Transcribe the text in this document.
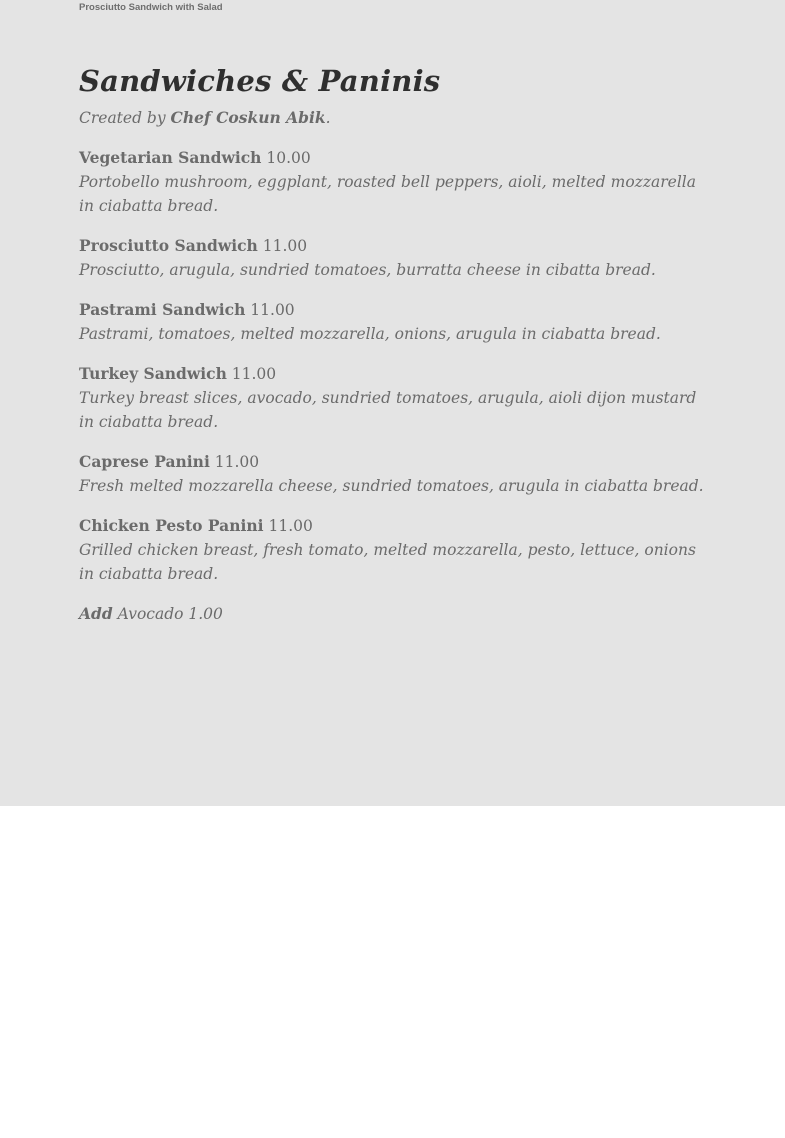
Prosciutto Sandwich with Salad
Sandwiches & Paninis

Created by Chef Coskun Abik.

Vegetarian Sandwich 10.00
Portobello mushroom, eggplant, roasted bell peppers, aioli, melted mozzarella in ciabatta bread.
Prosciutto Sandwich 11.00
Prosciutto, arugula, sundried tomatoes, burratta cheese in cibatta bread.
Pastrami Sandwich 11.00
Pastrami, tomatoes, melted mozzarella, onions, arugula in ciabatta bread.
Turkey Sandwich 11.00
Turkey breast slices, avocado, sundried tomatoes, arugula, aioli dijon mustard in ciabatta bread.
Caprese Panini 11.00
Fresh melted mozzarella cheese, sundried tomatoes, arugula in ciabatta bread.
Chicken Pesto Panini 11.00
Grilled chicken breast, fresh tomato, melted mozzarella, pesto, lettuce, onions in ciabatta bread.
Add Avocado 1.00
